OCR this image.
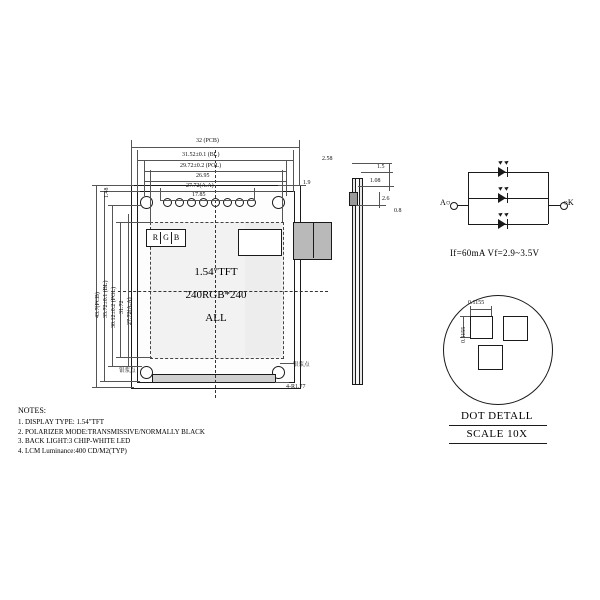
R G B
32 (PCB)
31.52±0.1 (BL)
29.72±0.2 (POL)
26.95
27.72(A.A)
17.85
43.7(PCB) 35.72±0.1 (BL) 30.12±0.2 (POL) 31.72 27.72(A.A)
1.9
1.48
4-R1.77
银浆点
银浆点
1.54"TFT
240RGB*240
ALL
2.58
1.5
1.08
2.6
0.8
A○	○K
If=60mA Vf=2.9~3.5V
0.1155
0.1155
DOT DETALL
SCALE 10X
NOTES:
1. DISPLAY TYPE: 1.54"TFT
2. POLARIZER MODE:TRANSMISSIVE/NORMALLY BLACK
3. BACK LIGHT:3 CHIP-WHITE LED
4. LCM Luminance:400 CD/M2(TYP)
